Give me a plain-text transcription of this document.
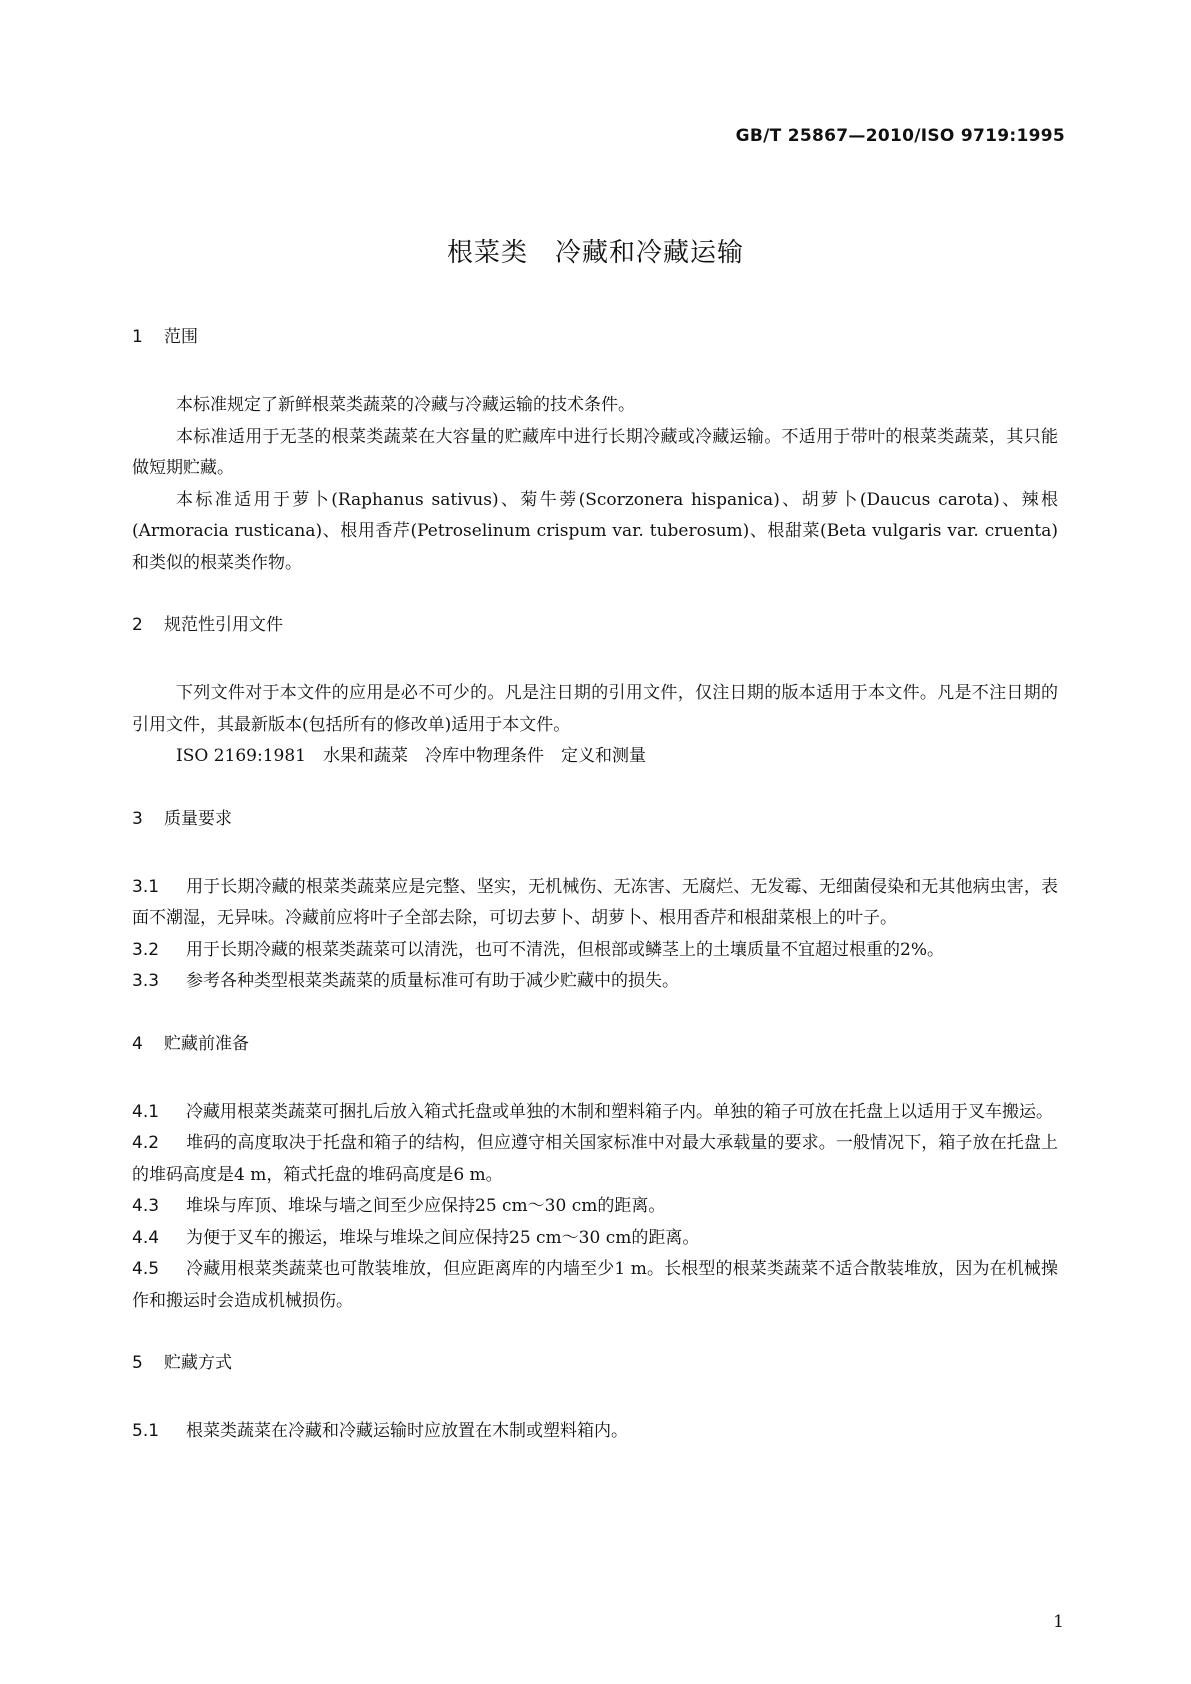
GB/T 25867—2010/ISO 9719:1995
根菜类　冷藏和冷藏运输
1	范围

本标准规定了新鲜根菜类蔬菜的冷藏与冷藏运输的技术条件。

本标准适用于无茎的根菜类蔬菜在大容量的贮藏库中进行长期冷藏或冷藏运输。不适用于带叶的根菜类蔬菜，其只能做短期贮藏。

本标准适用于萝卜(Raphanus sativus)、菊牛蒡(Scorzonera hispanica)、胡萝卜(Daucus carota)、辣根(Armoracia rusticana)、根用香芹(Petroselinum crispum var. tuberosum)、根甜菜(Beta vulgaris var. cruenta)和类似的根菜类作物。

2	规范性引用文件

下列文件对于本文件的应用是必不可少的。凡是注日期的引用文件，仅注日期的版本适用于本文件。凡是不注日期的引用文件，其最新版本(包括所有的修改单)适用于本文件。

ISO 2169:1981　水果和蔬菜　冷库中物理条件　定义和测量
3	质量要求

3.1 用于长期冷藏的根菜类蔬菜应是完整、坚实，无机械伤、无冻害、无腐烂、无发霉、无细菌侵染和无其他病虫害，表面不潮湿，无异味。冷藏前应将叶子全部去除，可切去萝卜、胡萝卜、根用香芹和根甜菜根上的叶子。

3.2 用于长期冷藏的根菜类蔬菜可以清洗，也可不清洗，但根部或鳞茎上的土壤质量不宜超过根重的2%。

3.3 参考各种类型根菜类蔬菜的质量标准可有助于减少贮藏中的损失。

4	贮藏前准备

4.1 冷藏用根菜类蔬菜可捆扎后放入箱式托盘或单独的木制和塑料箱子内。单独的箱子可放在托盘上以适用于叉车搬运。

4.2 堆码的高度取决于托盘和箱子的结构，但应遵守相关国家标准中对最大承载量的要求。一般情况下，箱子放在托盘上的堆码高度是4 m，箱式托盘的堆码高度是6 m。

4.3 堆垛与库顶、堆垛与墙之间至少应保持25 cm～30 cm的距离。

4.4 为便于叉车的搬运，堆垛与堆垛之间应保持25 cm～30 cm的距离。

4.5 冷藏用根菜类蔬菜也可散装堆放，但应距离库的内墙至少1 m。长根型的根菜类蔬菜不适合散装堆放，因为在机械操作和搬运时会造成机械损伤。

5	贮藏方式

5.1 根菜类蔬菜在冷藏和冷藏运输时应放置在木制或塑料箱内。

1
